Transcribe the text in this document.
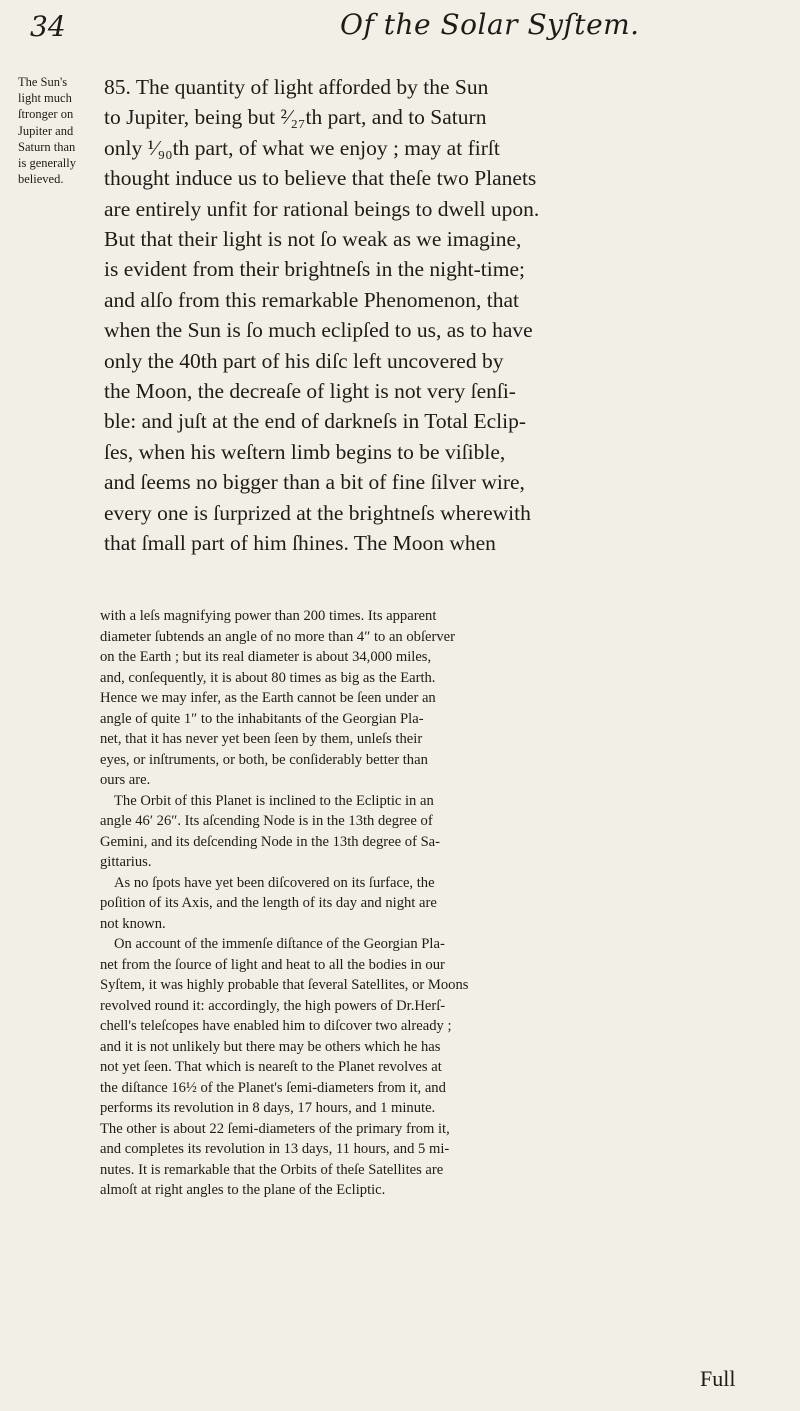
34	Of the Solar Syſtem.
The Sun's
light much
ſtronger on
Jupiter and
Saturn than
is generally
believed.
85. The quantity of light afforded by the Sun
to Jupiter, being but ²⁄₂₇th part, and to Saturn
only ¹⁄₉₀th part, of what we enjoy ; may at firſt
thought induce us to believe that theſe two Planets
are entirely unfit for rational beings to dwell upon.
But that their light is not ſo weak as we imagine,
is evident from their brightneſs in the night-time;
and alſo from this remarkable Phenomenon, that
when the Sun is ſo much eclipſed to us, as to have
only the 40th part of his diſc left uncovered by
the Moon, the decreaſe of light is not very ſenſi-
ble: and juſt at the end of darkneſs in Total Eclip-
ſes, when his weſtern limb begins to be viſible,
and ſeems no bigger than a bit of fine ſilver wire,
every one is ſurprized at the brightneſs wherewith
that ſmall part of him ſhines. The Moon when
with a leſs magnifying power than 200 times. Its apparent
diameter ſubtends an angle of no more than 4″ to an obſerver
on the Earth ; but its real diameter is about 34,000 miles,
and, conſequently, it is about 80 times as big as the Earth.
Hence we may infer, as the Earth cannot be ſeen under an
angle of quite 1″ to the inhabitants of the Georgian Pla-
net, that it has never yet been ſeen by them, unleſs their
eyes, or inſtruments, or both, be conſiderably better than
ours are.
The Orbit of this Planet is inclined to the Ecliptic in an
angle 46′ 26″. Its aſcending Node is in the 13th degree of
Gemini, and its deſcending Node in the 13th degree of Sa-
gittarius.
As no ſpots have yet been diſcovered on its ſurface, the
poſition of its Axis, and the length of its day and night are
not known.
On account of the immenſe diſtance of the Georgian Pla-
net from the ſource of light and heat to all the bodies in our
Syſtem, it was highly probable that ſeveral Satellites, or Moons
revolved round it: accordingly, the high powers of Dr.Herſ-
chell's teleſcopes have enabled him to diſcover two already ;
and it is not unlikely but there may be others which he has
not yet ſeen. That which is neareſt to the Planet revolves at
the diſtance 16½ of the Planet's ſemi-diameters from it, and
performs its revolution in 8 days, 17 hours, and 1 minute.
The other is about 22 ſemi-diameters of the primary from it,
and completes its revolution in 13 days, 11 hours, and 5 mi-
nutes. It is remarkable that the Orbits of theſe Satellites are
almoſt at right angles to the plane of the Ecliptic.
Full
